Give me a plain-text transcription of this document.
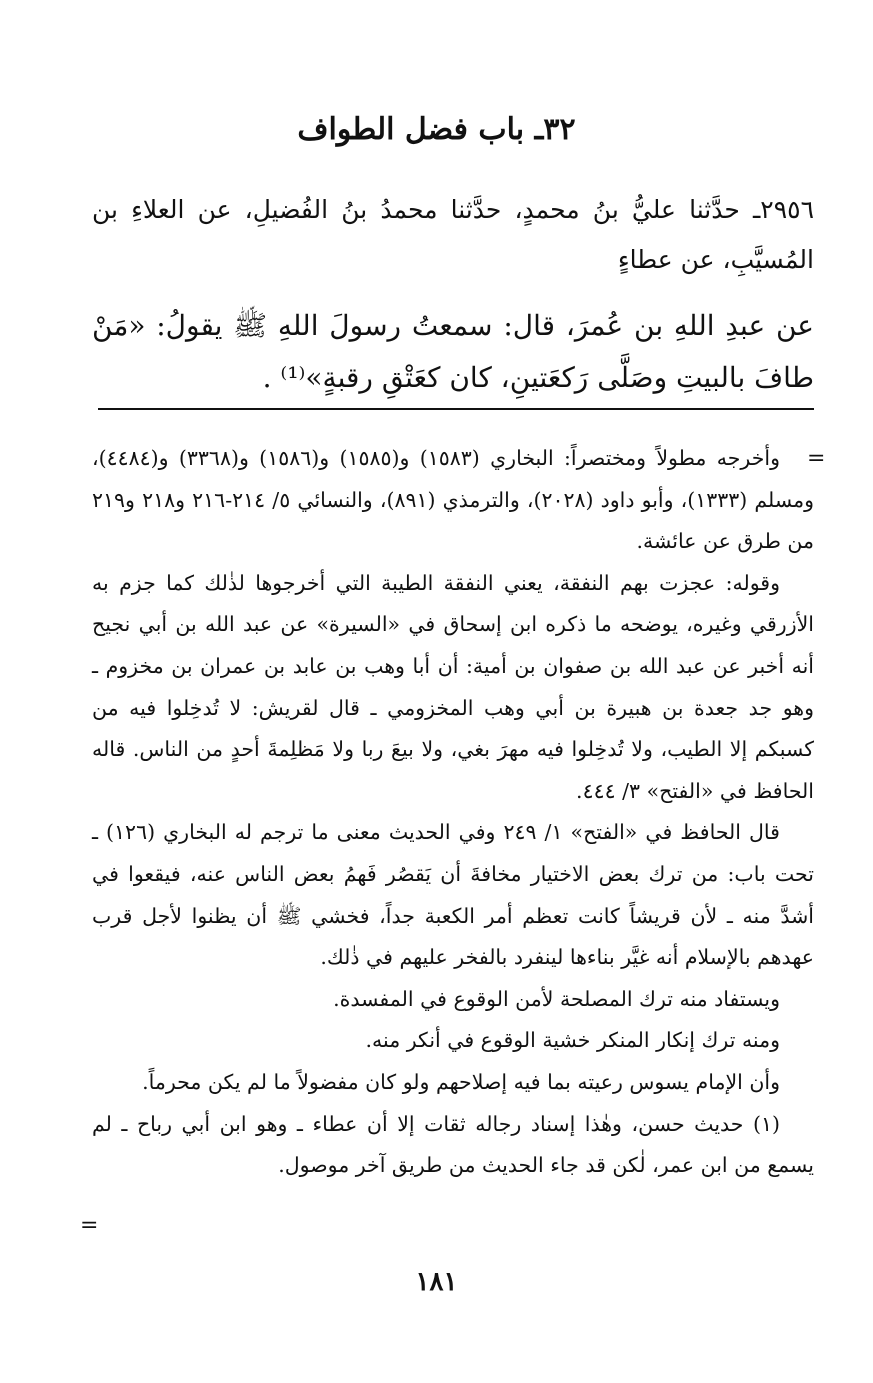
٣٢ـ باب فضل الطواف
٢٩٥٦ـ حدَّثنا عليُّ بنُ محمدٍ، حدَّثنا محمدُ بنُ الفُضيلِ، عن العلاءِ بن المُسيَّبِ، عن عطاءٍ
عن عبدِ اللهِ بن عُمرَ، قال: سمعتُ رسولَ اللهِ ﷺ يقولُ: «مَنْ طافَ بالبيتِ وصَلَّى رَكعَتينِ، كان كعَتْقِ رقبةٍ»⁽¹⁾ .
=

وأخرجه مطولاً ومختصراً: البخاري (١٥٨٣) و(١٥٨٥) و(١٥٨٦) و(٣٣٦٨) و(٤٤٨٤)، ومسلم (١٣٣٣)، وأبو داود (٢٠٢٨)، والترمذي (٨٩١)، والنسائي ٥/ ٢١٤-٢١٦ و٢١٨ و٢١٩ من طرق عن عائشة.

وقوله: عجزت بهم النفقة، يعني النفقة الطيبة التي أخرجوها لذٰلك كما جزم به الأزرقي وغيره، يوضحه ما ذكره ابن إسحاق في «السيرة» عن عبد الله بن أبي نجيح أنه أخبر عن عبد الله بن صفوان بن أمية: أن أبا وهب بن عابد بن عمران بن مخزوم ـ وهو جد جعدة بن هبيرة بن أبي وهب المخزومي ـ قال لقريش: لا تُدخِلوا فيه من كسبكم إلا الطيب، ولا تُدخِلوا فيه مهرَ بغي، ولا بيعَ ربا ولا مَظلِمةَ أحدٍ من الناس. قاله الحافظ في «الفتح» ٣/ ٤٤٤.

قال الحافظ في «الفتح» ١/ ٢٤٩ وفي الحديث معنى ما ترجم له البخاري (١٢٦) ـ تحت باب: من ترك بعض الاختيار مخافةَ أن يَقصُر فَهمُ بعض الناس عنه، فيقعوا في أشدَّ منه ـ لأن قريشاً كانت تعظم أمر الكعبة جداً، فخشي ﷺ أن يظنوا لأجل قرب عهدهم بالإسلام أنه غيَّر بناءها لينفرد بالفخر عليهم في ذٰلك.

ويستفاد منه ترك المصلحة لأمن الوقوع في المفسدة.

ومنه ترك إنكار المنكر خشية الوقوع في أنكر منه.

وأن الإمام يسوس رعيته بما فيه إصلاحهم ولو كان مفضولاً ما لم يكن محرماً.

(١) حديث حسن، وهٰذا إسناد رجاله ثقات إلا أن عطاء ـ وهو ابن أبي رباح ـ لم يسمع من ابن عمر، لٰكن قد جاء الحديث من طريق آخر موصول.

=
١٨١
